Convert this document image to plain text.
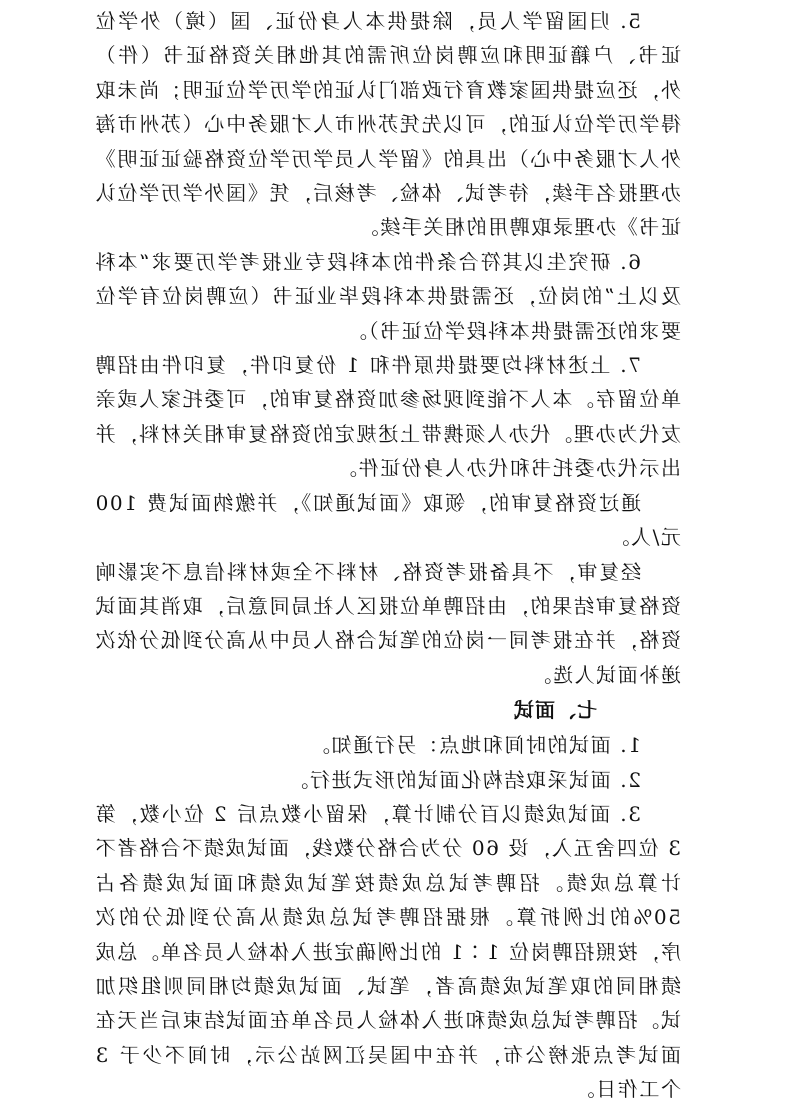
5. 归国留学人员，除提供本人身份证、国（境）外学位证书、户籍证明和应聘岗位所需的其他相关资格证书（件）外，还应提供国家教育行政部门认证的学历学位证明；尚未取得学历学位认证的，可以先凭苏州市人才服务中心（苏州市海外人才服务中心）出具的《留学人员学历学位资格验证证明》办理报名手续，待考试、体检、考核后，凭《国外学历学位认证书》办理录取聘用的相关手续。

6. 研究生以其符合条件的本科段专业报考学历要求“本科及以上”的岗位，还需提供本科段毕业证书（应聘岗位有学位要求的还需提供本科段学位证书）。

7. 上述材料均要提供原件和 1 份复印件，复印件由招聘单位留存。本人不能到现场参加资格复审的，可委托家人或亲友代为办理。代办人须携带上述规定的资格复审相关材料，并出示代办委托书和代办人身份证件。

通过资格复审的，领取《面试通知》，并缴纳面试费 100 元/人。

经复审，不具备报考资格、材料不全或材料信息不实影响资格复审结果的，由招聘单位报区人社局同意后，取消其面试资格，并在报考同一岗位的笔试合格人员中从高分到低分依次递补面试人选。

七、面试

1. 面试的时间和地点：另行通知。

2. 面试采取结构化面试的形式进行。

3. 面试成绩以百分制计算，保留小数点后 2 位小数，第 3 位四舍五入，设 60 分为合格分数线，面试成绩不合格者不计算总成绩。招聘考试总成绩按笔试成绩和面试成绩各占 50%的比例折算。根据招聘考试总成绩从高分到低分的次序，按照招聘岗位 1∶1 的比例确定进入体检人员名单。总成绩相同的取笔试成绩高者，笔试、面试成绩均相同则组织加试。招聘考试总成绩和进入体检人员名单在面试结束后当天在面试考点张榜公布，并在中国吴江网站公示，时间不少于 3 个工作日。
